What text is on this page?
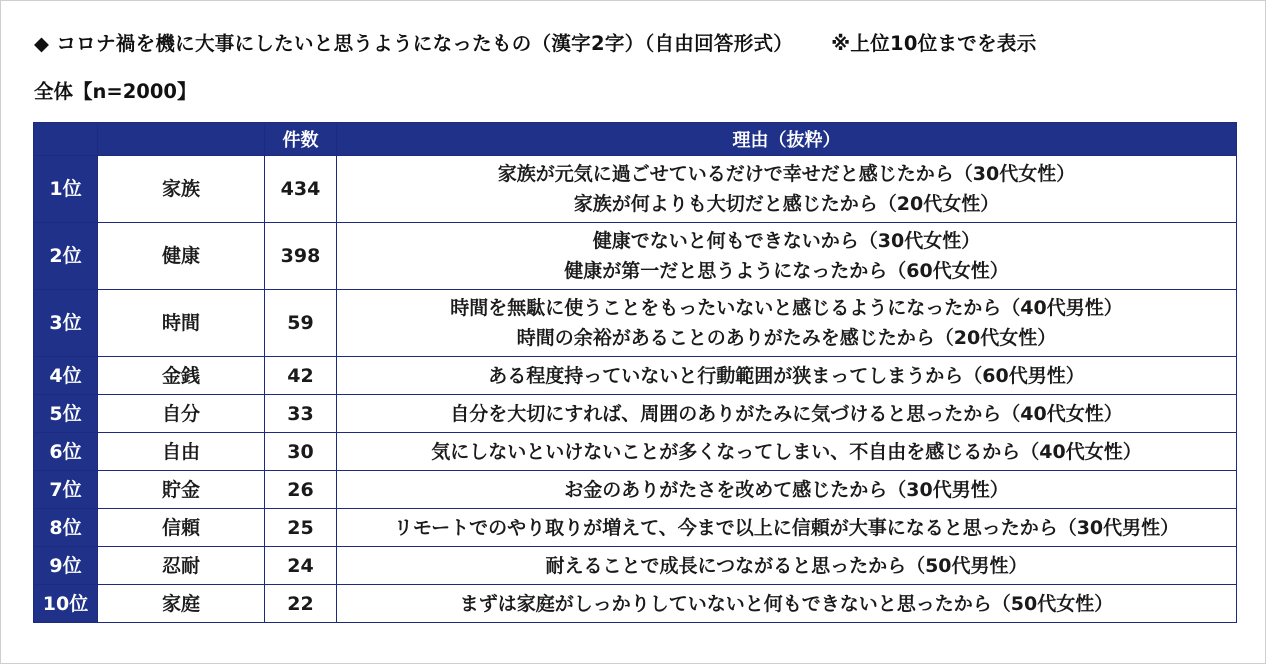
◆ コロナ禍を機に大事にしたいと思うようになったもの（漢字2字）（自由回答形式） ※上位10位までを表示
全体【n=2000】
		件数	理由（抜粋）
1位	家族	434	家族が元気に過ごせているだけで幸せだと感じたから（30代女性）
家族が何よりも大切だと感じたから（20代女性）

2位	健康	398	健康でないと何もできないから（30代女性）
健康が第一だと思うようになったから（60代女性）

3位	時間	59	時間を無駄に使うことをもったいないと感じるようになったから（40代男性）
時間の余裕があることのありがたみを感じたから（20代女性）

4位	金銭	42	ある程度持っていないと行動範囲が狭まってしまうから（60代男性）

5位	自分	33	自分を大切にすれば、周囲のありがたみに気づけると思ったから（40代女性）

6位	自由	30	気にしないといけないことが多くなってしまい、不自由を感じるから（40代女性）

7位	貯金	26	お金のありがたさを改めて感じたから（30代男性）

8位	信頼	25	リモートでのやり取りが増えて、今まで以上に信頼が大事になると思ったから（30代男性）

9位	忍耐	24	耐えることで成長につながると思ったから（50代男性）

10位	家庭	22	まずは家庭がしっかりしていないと何もできないと思ったから（50代女性）
